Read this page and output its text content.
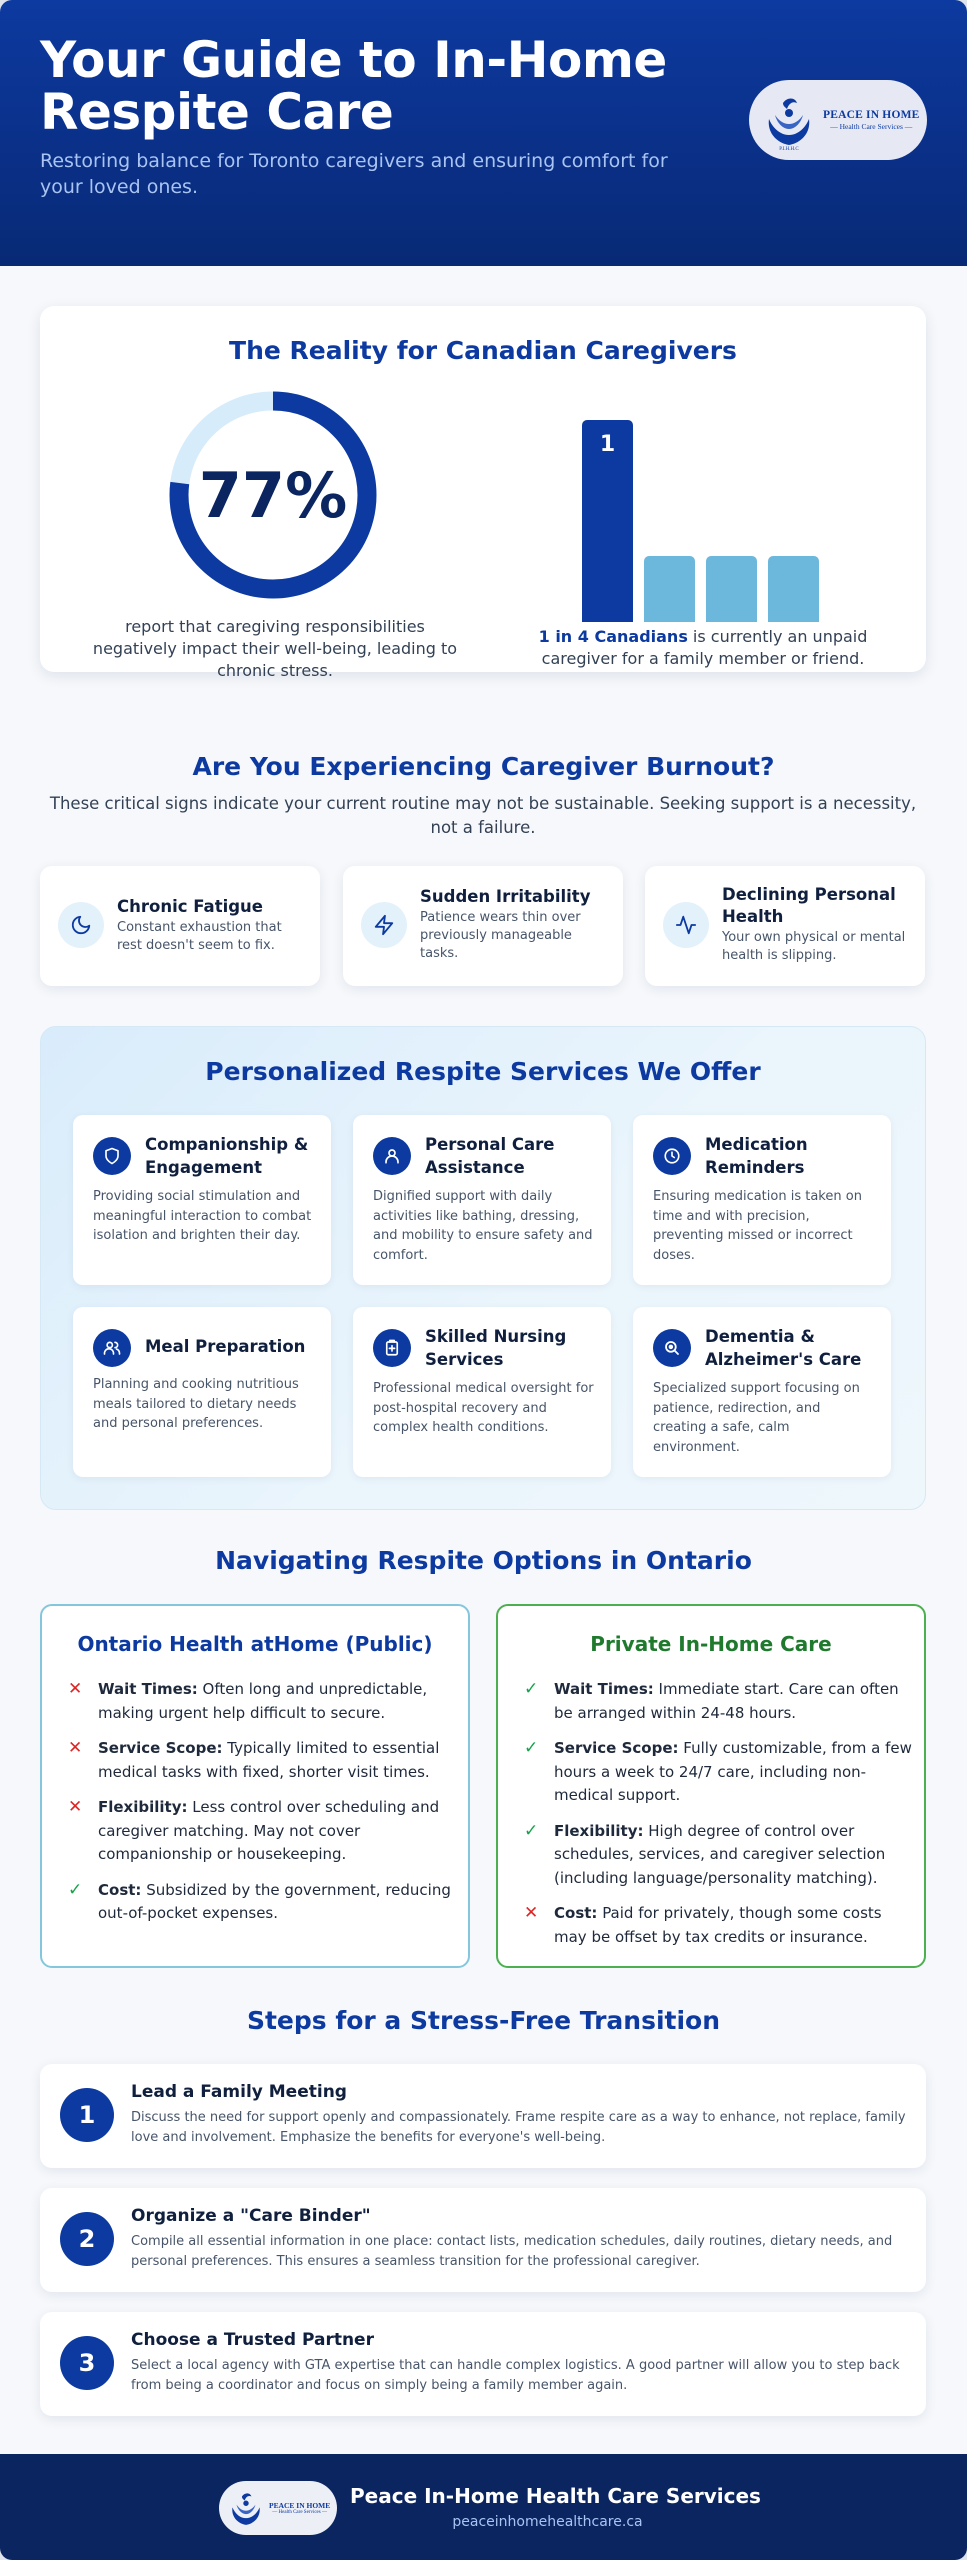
Your Guide to In-Home Respite Care
Restoring balance for Toronto caregivers and ensuring comfort for your loved ones.
P.I.H.H.C
PEACE IN HOME
— Health Care Services —
The Reality for Canadian Caregivers
77%
report that caregiving responsibilities negatively impact their well-being, leading to chronic stress.
1
1 in 4 Canadians is currently an unpaid caregiver for a family member or friend.
Are You Experiencing Caregiver Burnout?
These critical signs indicate your current routine may not be sustainable. Seeking support is a necessity, not a failure.
Chronic Fatigue
Constant exhaustion that rest doesn't seem to fix.
Sudden Irritability
Patience wears thin over previously manageable tasks.
Declining Personal Health
Your own physical or mental health is slipping.
Personalized Respite Services We Offer
Companionship & Engagement
Providing social stimulation and meaningful interaction to combat isolation and brighten their day.
Personal Care Assistance
Dignified support with daily activities like bathing, dressing, and mobility to ensure safety and comfort.
Medication Reminders
Ensuring medication is taken on time and with precision, preventing missed or incorrect doses.
Meal Preparation
Planning and cooking nutritious meals tailored to dietary needs and personal preferences.
Skilled Nursing Services
Professional medical oversight for post-hospital recovery and complex health conditions.
Dementia & Alzheimer's Care
Specialized support focusing on patience, redirection, and creating a safe, calm environment.
Navigating Respite Options in Ontario
Ontario Health atHome (Public)
✕	Wait Times: Often long and unpredictable, making urgent help difficult to secure.
✕	Service Scope: Typically limited to essential medical tasks with fixed, shorter visit times.
✕	Flexibility: Less control over scheduling and caregiver matching. May not cover companionship or housekeeping.
✓	Cost: Subsidized by the government, reducing out-of-pocket expenses.
Private In-Home Care
✓	Wait Times: Immediate start. Care can often be arranged within 24-48 hours.
✓	Service Scope: Fully customizable, from a few hours a week to 24/7 care, including non-medical support.
✓	Flexibility: High degree of control over schedules, services, and caregiver selection (including language/personality matching).
✕	Cost: Paid for privately, though some costs may be offset by tax credits or insurance.
Steps for a Stress-Free Transition
1
Lead a Family Meeting
Discuss the need for support openly and compassionately. Frame respite care as a way to enhance, not replace, family love and involvement. Emphasize the benefits for everyone's well-being.
2
Organize a "Care Binder"
Compile all essential information in one place: contact lists, medication schedules, daily routines, dietary needs, and personal preferences. This ensures a seamless transition for the professional caregiver.
3
Choose a Trusted Partner
Select a local agency with GTA expertise that can handle complex logistics. A good partner will allow you to step back from being a coordinator and focus on simply being a family member again.
PEACE IN HOME
— Health Care Services —
Peace In-Home Health Care Services
peaceinhomehealthcare.ca
